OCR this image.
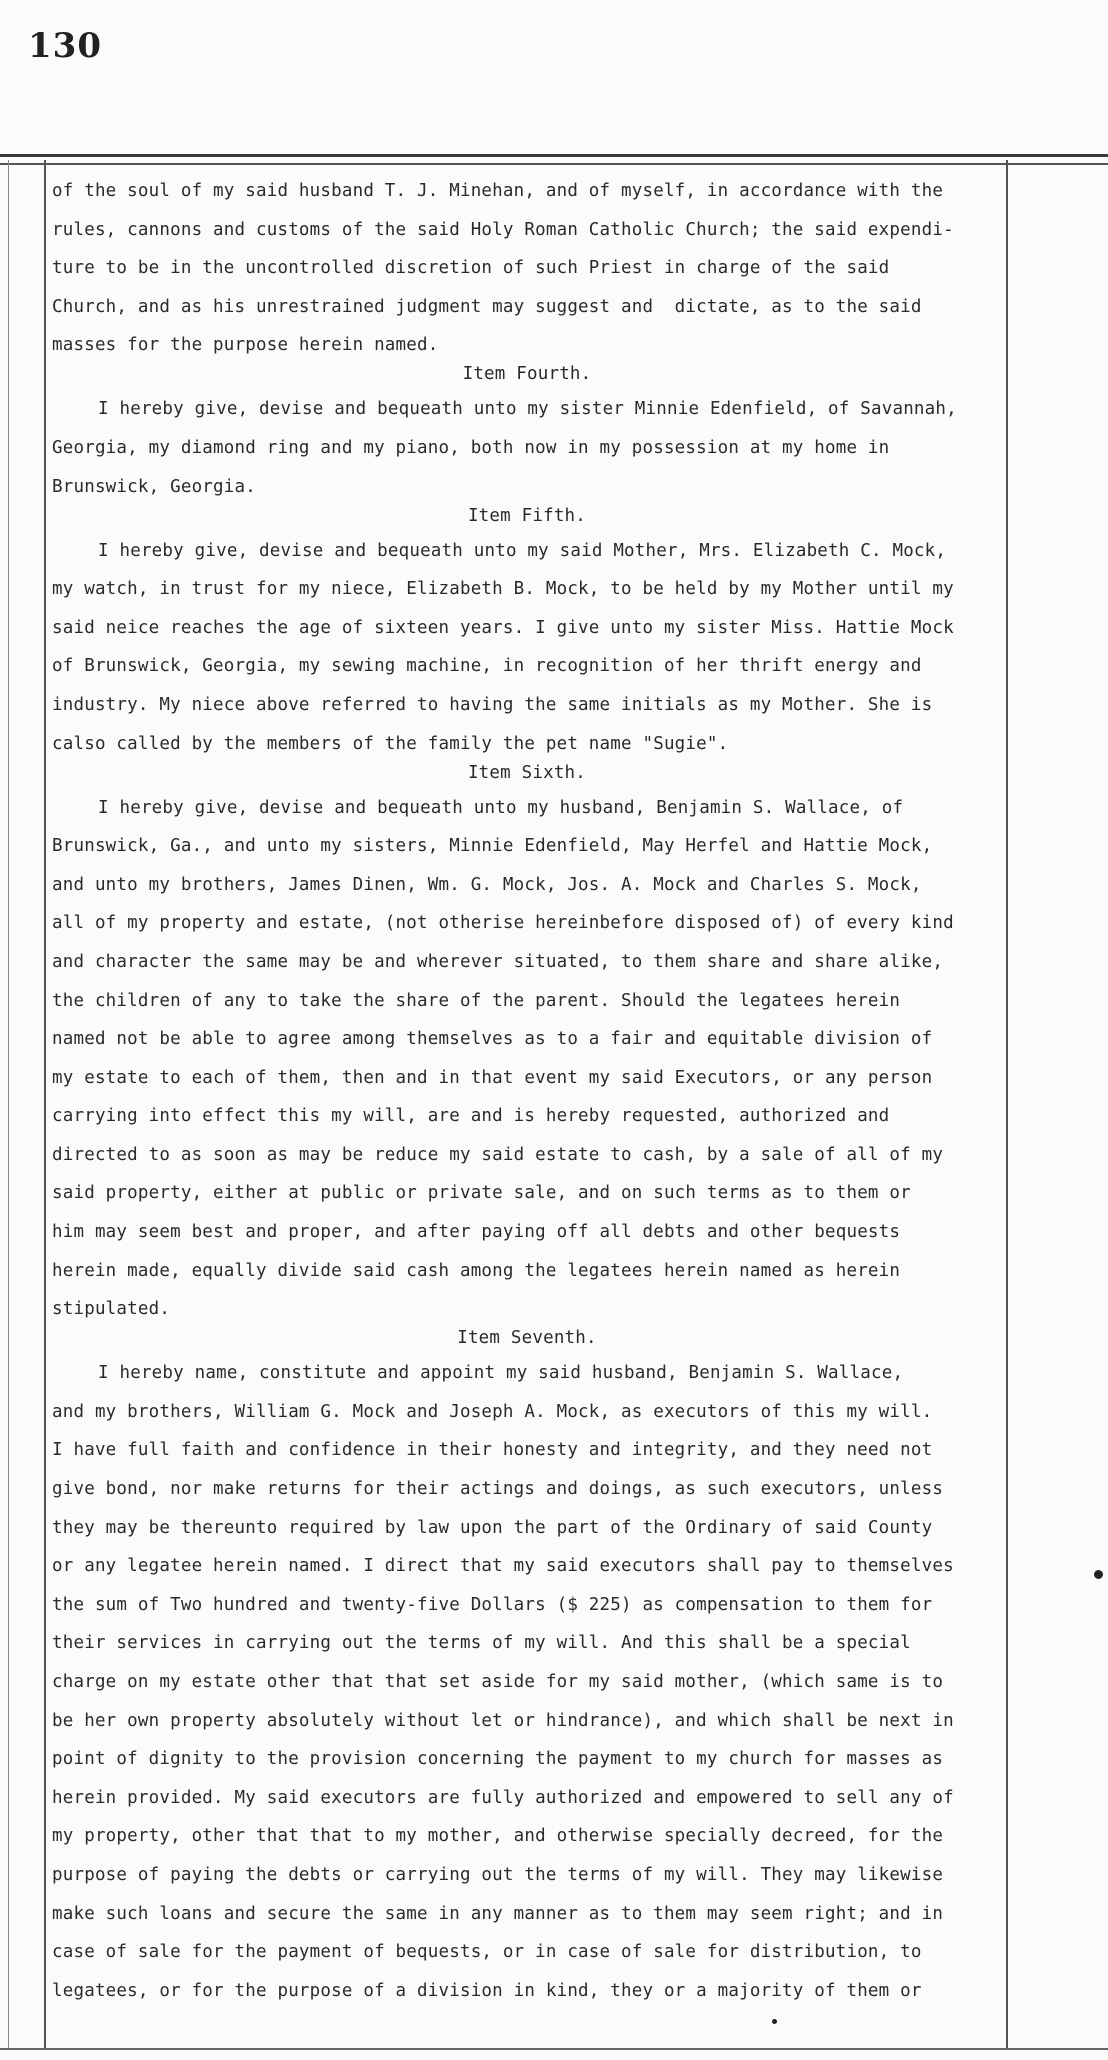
130
of the soul of my said husband T. J. Minehan, and of myself, in accordance with the
rules, cannons and customs of the said Holy Roman Catholic Church; the said expendi-
ture to be in the uncontrolled discretion of such Priest in charge of the said
Church, and as his unrestrained judgment may suggest and  dictate, as to the said
masses for the purpose herein named.
Item Fourth.
I hereby give, devise and bequeath unto my sister Minnie Edenfield, of Savannah,
Georgia, my diamond ring and my piano, both now in my possession at my home in
Brunswick, Georgia.
Item Fifth.
I hereby give, devise and bequeath unto my said Mother, Mrs. Elizabeth C. Mock,
my watch, in trust for my niece, Elizabeth B. Mock, to be held by my Mother until my
said neice reaches the age of sixteen years. I give unto my sister Miss. Hattie Mock
of Brunswick, Georgia, my sewing machine, in recognition of her thrift energy and
industry. My niece above referred to having the same initials as my Mother. She is
calso called by the members of the family the pet name "Sugie".
Item Sixth.
I hereby give, devise and bequeath unto my husband, Benjamin S. Wallace, of
Brunswick, Ga., and unto my sisters, Minnie Edenfield, May Herfel and Hattie Mock,
and unto my brothers, James Dinen, Wm. G. Mock, Jos. A. Mock and Charles S. Mock,
all of my property and estate, (not otherise hereinbefore disposed of) of every kind
and character the same may be and wherever situated, to them share and share alike,
the children of any to take the share of the parent. Should the legatees herein
named not be able to agree among themselves as to a fair and equitable division of
my estate to each of them, then and in that event my said Executors, or any person
carrying into effect this my will, are and is hereby requested, authorized and
directed to as soon as may be reduce my said estate to cash, by a sale of all of my
said property, either at public or private sale, and on such terms as to them or
him may seem best and proper, and after paying off all debts and other bequests
herein made, equally divide said cash among the legatees herein named as herein
stipulated.
Item Seventh.
I hereby name, constitute and appoint my said husband, Benjamin S. Wallace,
and my brothers, William G. Mock and Joseph A. Mock, as executors of this my will.
I have full faith and confidence in their honesty and integrity, and they need not
give bond, nor make returns for their actings and doings, as such executors, unless
they may be thereunto required by law upon the part of the Ordinary of said County
or any legatee herein named. I direct that my said executors shall pay to themselves
the sum of Two hundred and twenty-five Dollars ($ 225) as compensation to them for
their services in carrying out the terms of my will. And this shall be a special
charge on my estate other that that set aside for my said mother, (which same is to
be her own property absolutely without let or hindrance), and which shall be next in
point of dignity to the provision concerning the payment to my church for masses as
herein provided. My said executors are fully authorized and empowered to sell any of
my property, other that that to my mother, and otherwise specially decreed, for the
purpose of paying the debts or carrying out the terms of my will. They may likewise
make such loans and secure the same in any manner as to them may seem right; and in
case of sale for the payment of bequests, or in case of sale for distribution, to
legatees, or for the purpose of a division in kind, they or a majority of them or
